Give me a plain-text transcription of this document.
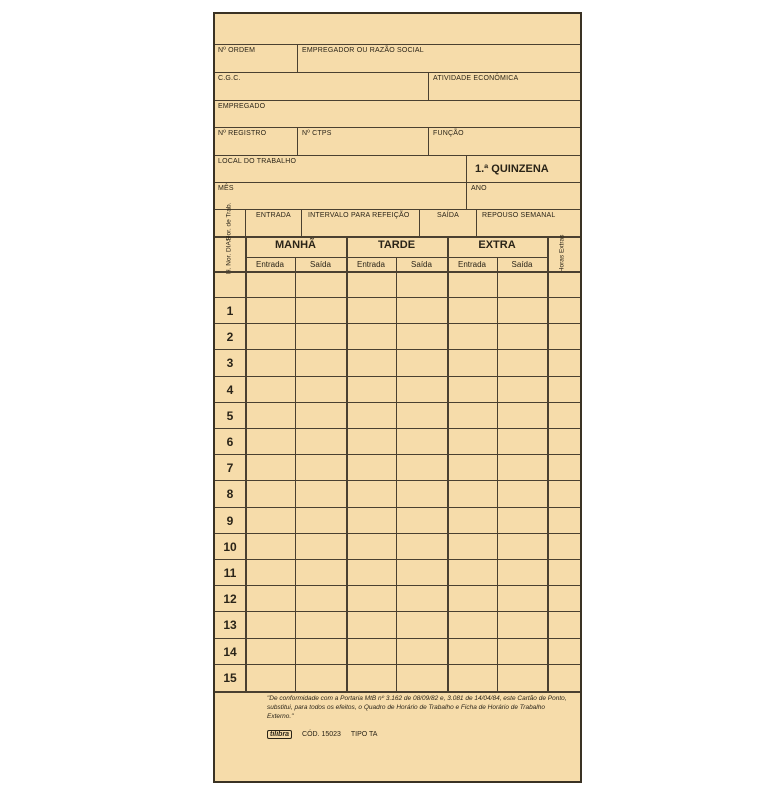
Nº ORDEM	EMPREGADOR OU RAZÃO SOCIAL
C.G.C.	ATIVIDADE ECONÔMICA
EMPREGADO
Nº REGISTRO	Nº CTPS	FUNÇÃO
LOCAL DO TRABALHO
1.ª QUINZENA
MÊS	ANO
Hor. de Trab.	ENTRADA INTERVALO PARA REFEIÇÃO	SAÍDA	REPOUSO SEMANAL
H. Nor. DIAS	MANHÃ	TARDE	EXTRA	Horas Extras
Entrada	Saída	Entrada	Saída	Entrada	Saída
1
2
3
4
5
6
7
8
9
10
11
12
13
14
15
"De conformidade com a Portaria MtB nº 3.162 de 08/09/82 e, 3.081 de 14/04/84, este Cartão de Ponto, substitui, para todos os efeitos, o Quadro de Horário de Trabalho e Ficha de Horário de Trabalho Externo."
tilibra CÓD. 15023 TIPO TA
